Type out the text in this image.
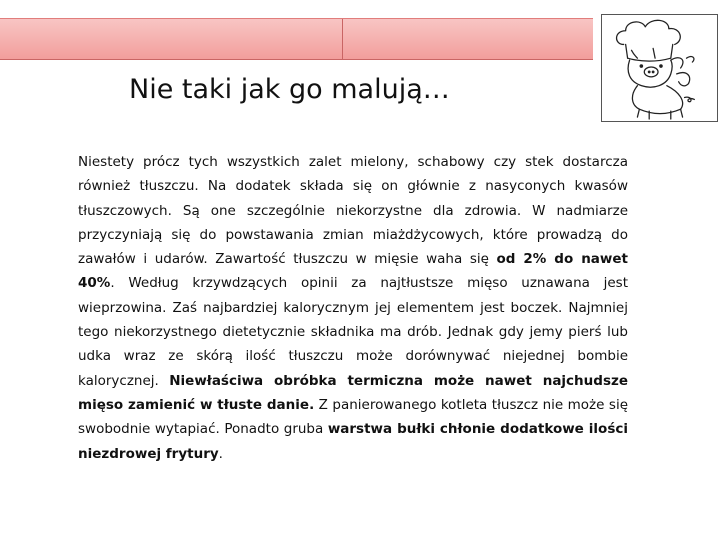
Nie taki jak go malują…

Niestety prócz tych wszystkich zalet mielony, schabowy czy stek dostarcza również tłuszczu. Na dodatek składa się on głównie z nasyconych kwasów tłuszczowych. Są one szczególnie niekorzystne dla zdrowia. W nadmiarze przyczyniają się do powstawania zmian miażdżycowych, które prowadzą do zawałów i udarów. Zawartość tłuszczu w mięsie waha się od 2% do nawet 40%. Według krzywdzących opinii za najtłustsze mięso uznawana jest wieprzowina. Zaś najbardziej kalorycznym jej elementem jest boczek. Najmniej tego niekorzystnego dietetycznie składnika ma drób. Jednak gdy jemy pierś lub udka wraz ze skórą ilość tłuszczu może dorównywać niejednej bombie kalorycznej. Niewłaściwa obróbka termiczna może nawet najchudsze mięso zamienić w tłuste danie. Z panierowanego kotleta tłuszcz nie może się swobodnie wytapiać. Ponadto gruba warstwa bułki chłonie dodatkowe ilości niezdrowej frytury.
